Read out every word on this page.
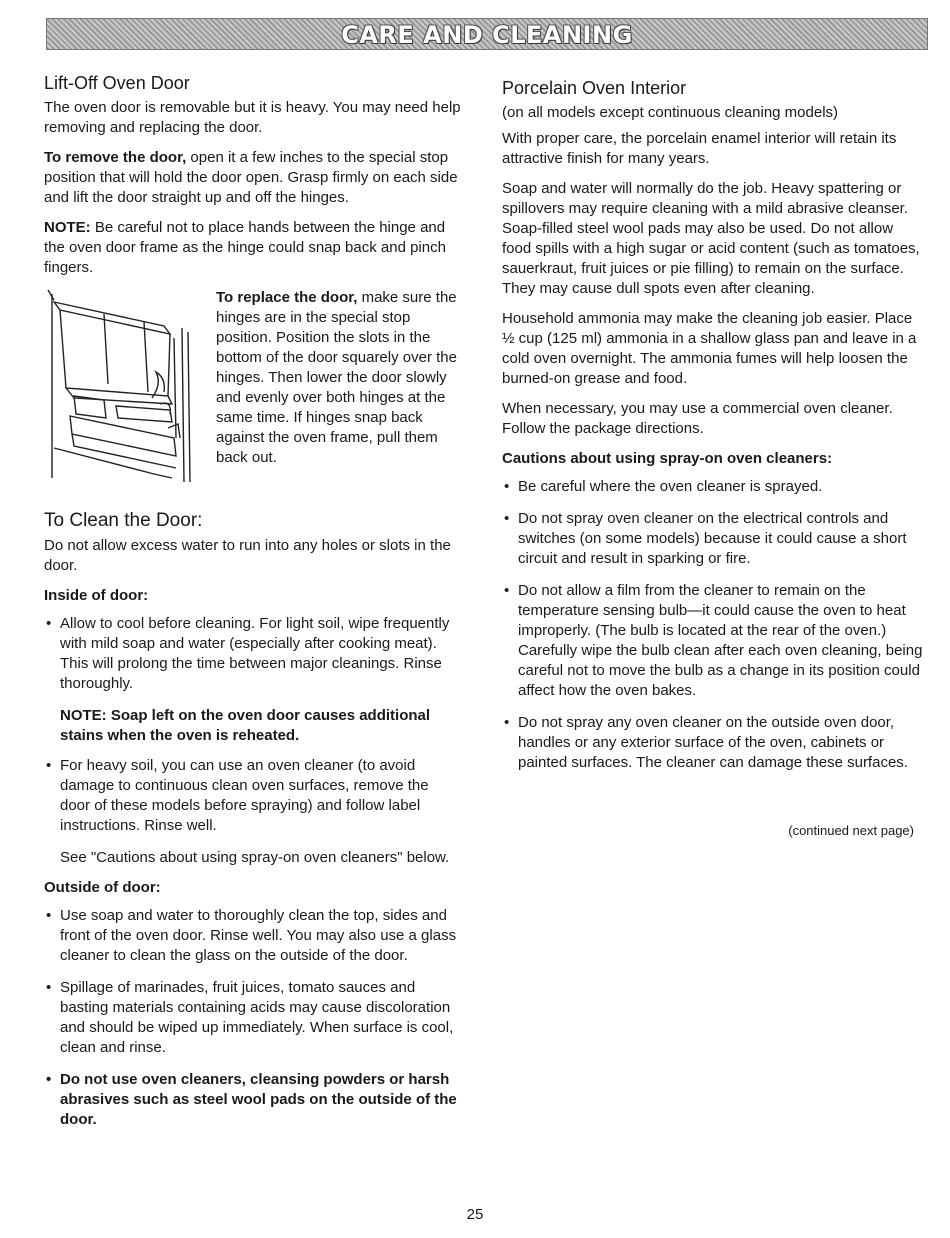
CARE AND CLEANING
Lift-Off Oven Door

The oven door is removable but it is heavy. You may need help removing and replacing the door.

To remove the door, open it a few inches to the special stop position that will hold the door open. Grasp firmly on each side and lift the door straight up and off the hinges.

NOTE: Be careful not to place hands between the hinge and the oven door frame as the hinge could snap back and pinch fingers.

To replace the door, make sure the hinges are in the special stop position. Position the slots in the bottom of the door squarely over the hinges. Then lower the door slowly and evenly over both hinges at the same time. If hinges snap back against the oven frame, pull them back out.
To Clean the Door:

Do not allow excess water to run into any holes or slots in the door.

Inside of door:
• Allow to cool before cleaning. For light soil, wipe frequently with mild soap and water (especially after cooking meat). This will prolong the time between major cleanings. Rinse thoroughly.
NOTE: Soap left on the oven door causes additional stains when the oven is reheated.
• For heavy soil, you can use an oven cleaner (to avoid damage to continuous clean oven surfaces, remove the door of these models before spraying) and follow label instructions. Rinse well.

See "Cautions about using spray-on oven cleaners" below.

Outside of door:
• Use soap and water to thoroughly clean the top, sides and front of the oven door. Rinse well. You may also use a glass cleaner to clean the glass on the outside of the door.
• Spillage of marinades, fruit juices, tomato sauces and basting materials containing acids may cause discoloration and should be wiped up immediately. When surface is cool, clean and rinse.
• Do not use oven cleaners, cleansing powders or harsh abrasives such as steel wool pads on the outside of the door.
Porcelain Oven Interior

(on all models except continuous cleaning models)

With proper care, the porcelain enamel interior will retain its attractive finish for many years.

Soap and water will normally do the job. Heavy spattering or spillovers may require cleaning with a mild abrasive cleanser. Soap-filled steel wool pads may also be used. Do not allow food spills with a high sugar or acid content (such as tomatoes, sauerkraut, fruit juices or pie filling) to remain on the surface. They may cause dull spots even after cleaning.

Household ammonia may make the cleaning job easier. Place ½ cup (125 ml) ammonia in a shallow glass pan and leave in a cold oven overnight. The ammonia fumes will help loosen the burned-on grease and food.

When necessary, you may use a commercial oven cleaner. Follow the package directions.

Cautions about using spray-on oven cleaners:
• Be careful where the oven cleaner is sprayed.
• Do not spray oven cleaner on the electrical controls and switches (on some models) because it could cause a short circuit and result in sparking or fire.
• Do not allow a film from the cleaner to remain on the temperature sensing bulb—it could cause the oven to heat improperly. (The bulb is located at the rear of the oven.) Carefully wipe the bulb clean after each oven cleaning, being careful not to move the bulb as a change in its position could affect how the oven bakes.
• Do not spray any oven cleaner on the outside oven door, handles or any exterior surface of the oven, cabinets or painted surfaces. The cleaner can damage these surfaces.
(continued next page)
25
